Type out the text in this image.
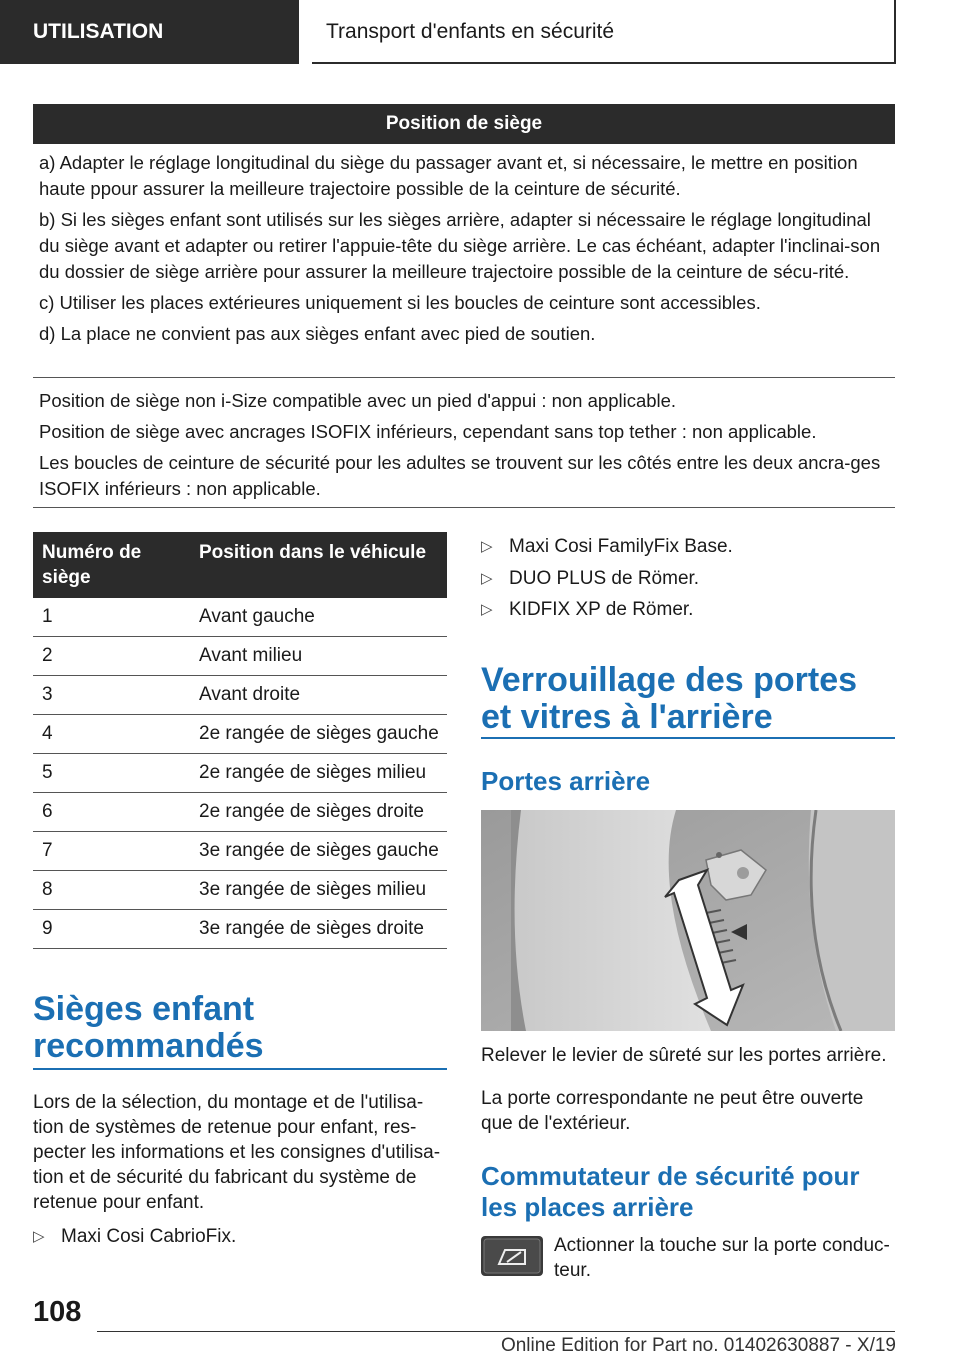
UTILISATION	Transport d'enfants en sécurité
Position de siège

a) Adapter le réglage longitudinal du siège du passager avant et, si nécessaire, le mettre en position haute ppour assurer la meilleure trajectoire possible de la ceinture de sécurité.

b) Si les sièges enfant sont utilisés sur les sièges arrière, adapter si nécessaire le réglage longitudinal du siège avant et adapter ou retirer l'appuie-tête du siège arrière. Le cas échéant, adapter l'inclinai-son du dossier de siège arrière pour assurer la meilleure trajectoire possible de la ceinture de sécu-rité.

c) Utiliser les places extérieures uniquement si les boucles de ceinture sont accessibles.

d) La place ne convient pas aux sièges enfant avec pied de soutien.

Position de siège non i-Size compatible avec un pied d'appui : non applicable.

Position de siège avec ancrages ISOFIX inférieurs, cependant sans top tether : non applicable.

Les boucles de ceinture de sécurité pour les adultes se trouvent sur les côtés entre les deux ancra-ges ISOFIX inférieurs : non applicable.

Numéro de siège	Position dans le véhicule
1	Avant gauche
2	Avant milieu
3	Avant droite
4	2e rangée de sièges gauche
5	2e rangée de sièges milieu
6	2e rangée de sièges droite
7	3e rangée de sièges gauche
8	3e rangée de sièges milieu
9	3e rangée de sièges droite
Sièges enfant recommandés

Lors de la sélection, du montage et de l'utilisa-tion de systèmes de retenue pour enfant, res-pecter les informations et les consignes d'utilisa-tion et de sécurité du fabricant du système de retenue pour enfant.

▷ Maxi Cosi CabrioFix.
▷ Maxi Cosi FamilyFix Base.
▷ DUO PLUS de Römer.
▷ KIDFIX XP de Römer.
Verrouillage des portes et vitres à l'arrière
Portes arrière
Relever le levier de sûreté sur les portes arrière.
La porte correspondante ne peut être ouverte que de l'extérieur.
Commutateur de sécurité pour les places arrière
Actionner la touche sur la porte conduc-teur.
108
Online Edition for Part no. 01402630887 - X/19
